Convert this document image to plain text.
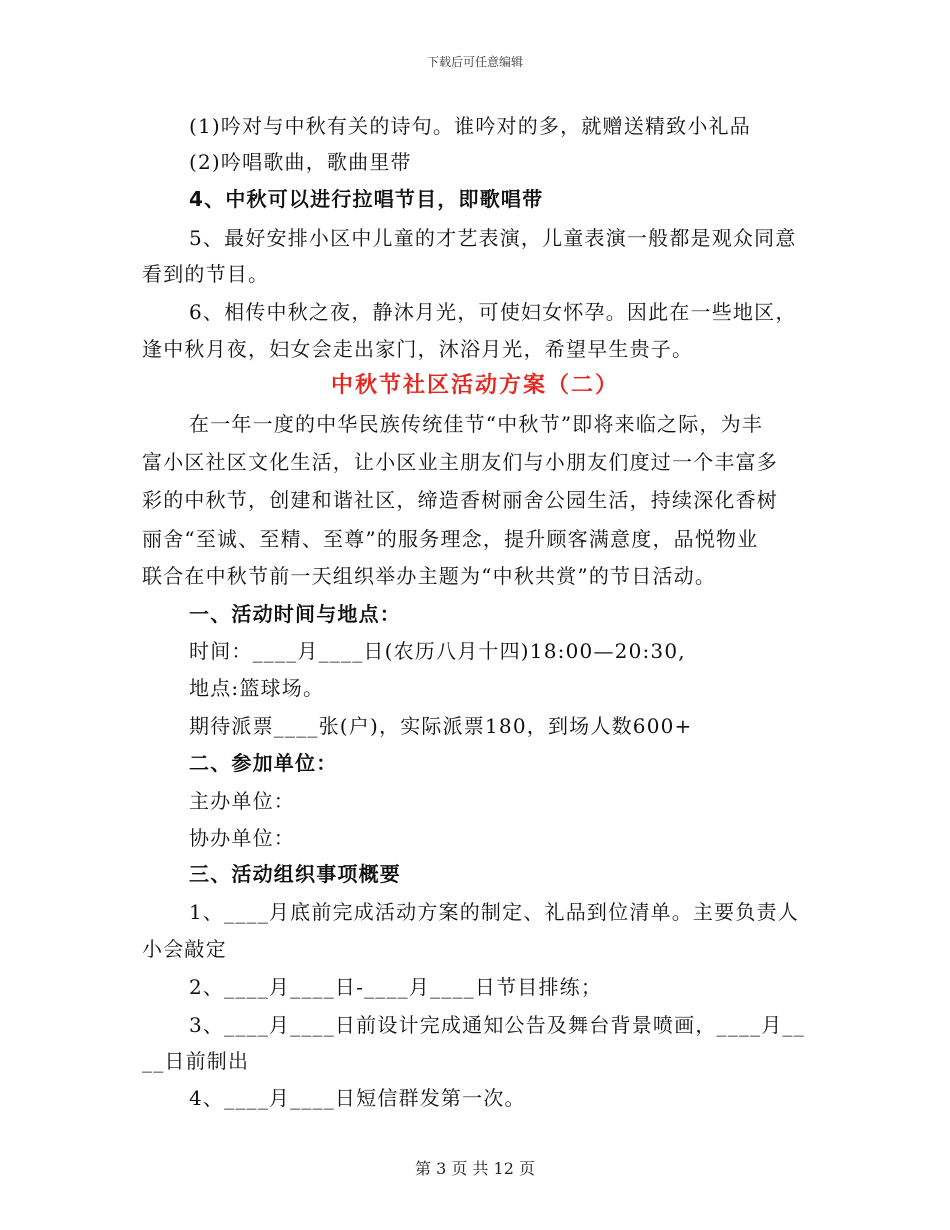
下载后可任意编辑
(1)吟对与中秋有关的诗句。谁吟对的多，就赠送精致小礼品
(2)吟唱歌曲，歌曲里带
4、中秋可以进行拉唱节目，即歌唱带
5、最好安排小区中儿童的才艺表演，儿童表演一般都是观众同意
看到的节目。
6、相传中秋之夜，静沐月光，可使妇女怀孕。因此在一些地区，
逢中秋月夜，妇女会走出家门，沐浴月光，希望早生贵子。
中秋节社区活动方案（二）
在一年一度的中华民族传统佳节“中秋节”即将来临之际，为丰
富小区社区文化生活，让小区业主朋友们与小朋友们度过一个丰富多
彩的中秋节，创建和谐社区，缔造香树丽舍公园生活，持续深化香树
丽舍“至诚、至精、至尊”的服务理念，提升顾客满意度，品悦物业
联合在中秋节前一天组织举办主题为“中秋共赏”的节日活动。
一、活动时间与地点：
时间：____月____日(农历八月十四)18:00—20:30,
地点:篮球场。
期待派票____张(户)，实际派票180，到场人数600+
二、参加单位：
主办单位：
协办单位：
三、活动组织事项概要
1、____月底前完成活动方案的制定、礼品到位清单。主要负责人
小会敲定
2、____月____日-____月____日节目排练；
3、____月____日前设计完成通知公告及舞台背景喷画，____月__
__日前制出
4、____月____日短信群发第一次。
第 3 页 共 12 页
